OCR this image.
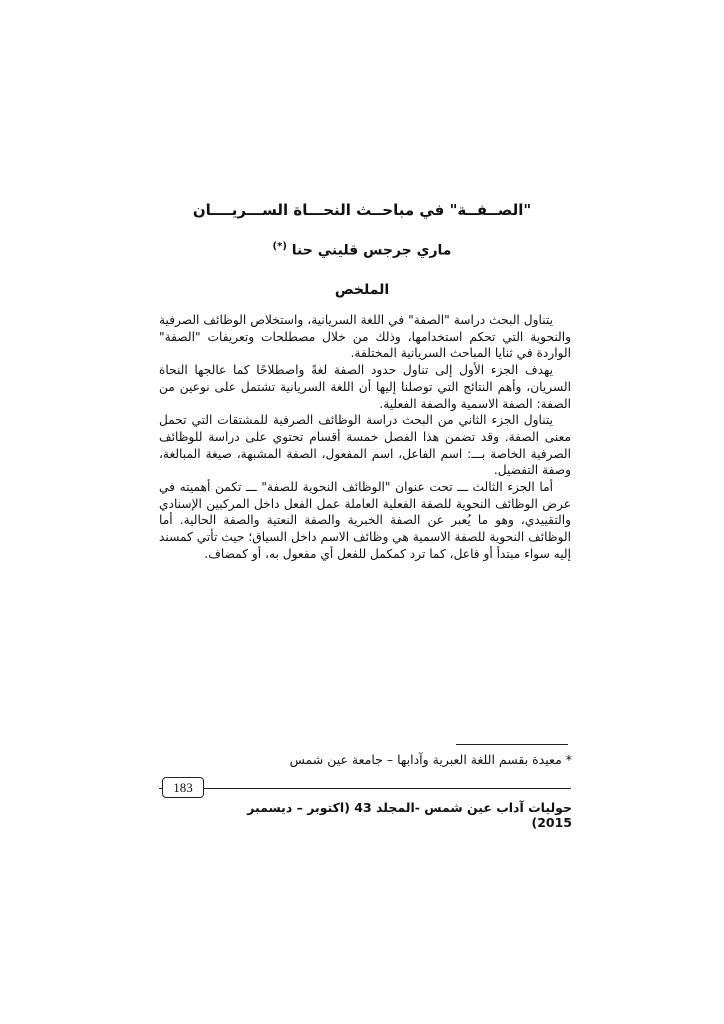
"الصــفــة" في مباحــث النحـــاة الســـريــــان
ماري جرجس قليني حنا (*)
الملخص

يتناول البحث دراسة "الصفة" في اللغة السريانية، واستخلاص الوظائف الصرفية والنحوية التي تحكم استخدامها، وذلك من خلال مصطلحات وتعريفات "الصفة" الواردة في ثنايا المباحث السريانية المختلفة.

يهدف الجزء الأول إلى تناول حدود الصفة لغةً واصطلاحًا كما عالجها النحاة السريان، وأهم النتائج التي توصلنا إليها أن اللغة السريانية تشتمل على نوعين من الصفة: الصفة الاسمية والصفة الفعلية.

يتناول الجزء الثاني من البحث دراسة الوظائف الصرفية للمشتقات التي تحمل معنى الصفة. وقد تضمن هذا الفصل خمسة أقسام تحتوي على دراسة للوظائف الصرفية الخاصة بـــ: اسم الفاعل، اسم المفعول، الصفة المشبهة، صيغة المبالغة، وصفة التفضيل.

أما الجزء الثالث ـــ تحت عنوان "الوظائف النحوية للصفة" ـــ تكمن أهميته في عرض الوظائف النحوية للصفة الفعلية العاملة عمل الفعل داخل المركبين الإسنادي والتقييدي، وهو ما يُعبر عن الصفة الخبرية والصفة النعتية والصفة الحالية. أما الوظائف النحوية للصفة الاسمية هي وظائف الاسم داخل السياق؛ حيث تأتي كمسند إليه سواء مبتدأ أو فاعل، كما ترد كمكمل للفعل أي مفعول به، أو كمضاف.

* معيدة بقسم اللغة العبرية وآدابها – جامعة عين شمس
183
حوليات آداب عين شمس -المجلد 43 (اكتوبر – ديسمبر 2015)
